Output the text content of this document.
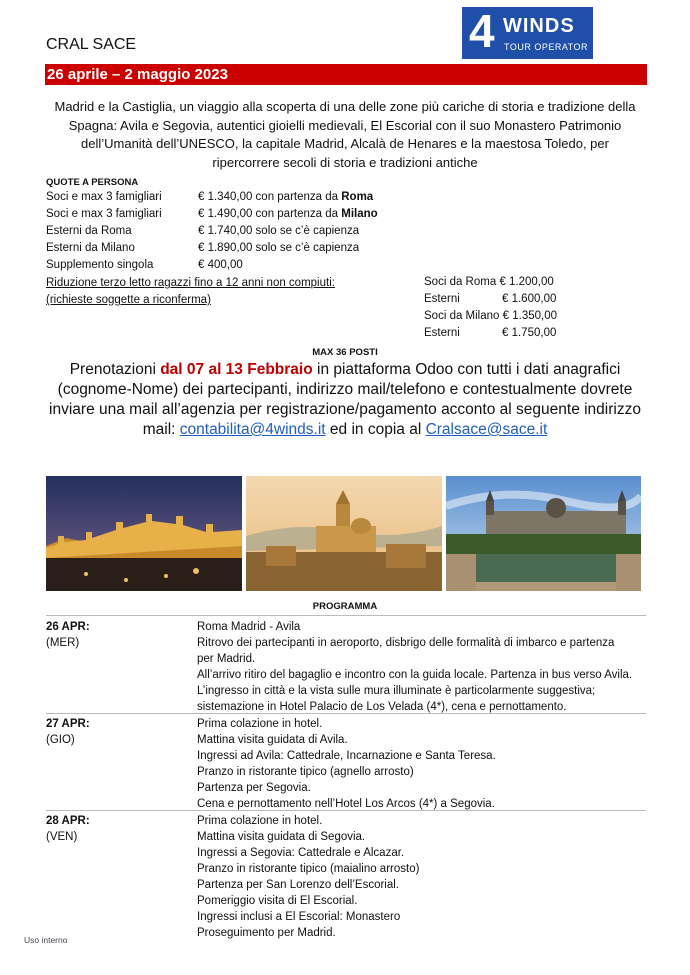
CRAL SACE	4 WINDS
TOUR OPERATOR
26 aprile – 2 maggio 2023
Madrid e la Castiglia, un viaggio alla scoperta di una delle zone più cariche di storia e tradizione della Spagna: Avila e Segovia, autentici gioielli medievali, El Escorial con il suo Monastero Patrimonio dell’Umanità dell’UNESCO, la capitale Madrid, Alcalà de Henares e la maestosa Toledo, per ripercorrere secoli di storia e tradizioni antiche
QUOTE A PERSONA
Soci e max 3 famigliari	€ 1.340,00 con partenza da Roma
Soci e max 3 famigliari	€ 1.490,00 con partenza da Milano
Esterni da Roma	€ 1.740,00 solo se c’è capienza
Esterni da Milano	€ 1.890,00 solo se c’è capienza
Supplemento singola	€ 400,00
Riduzione terzo letto ragazzi fino a 12 anni non compiuti:
(richieste soggette a riconferma)
Soci da Roma € 1.200,00
Esterni	€ 1.600,00
Soci da Milano € 1.350,00
Esterni	€ 1.750,00
MAX 36 POSTI
Prenotazioni dal 07 al 13 Febbraio in piattaforma Odoo con tutti i dati anagrafici (cognome-Nome) dei partecipanti, indirizzo mail/telefono e contestualmente dovrete inviare una mail all’agenzia per registrazione/pagamento acconto al seguente indirizzo mail: contabilita@4winds.it ed in copia al Cralsace@sace.it
PROGRAMMA
26 APR:
(MER)
Roma Madrid - Avila
Ritrovo dei partecipanti in aeroporto, disbrigo delle formalità di imbarco e partenza
per Madrid.
All’arrivo ritiro del bagaglio e incontro con la guida locale. Partenza in bus verso Avila.
L’ingresso in città e la vista sulle mura illuminate è particolarmente suggestiva;
sistemazione in Hotel Palacio de Los Velada (4*), cena e pernottamento.
27 APR:
(GIO)
Prima colazione in hotel.
Mattina visita guidata di Avila.
Ingressi ad Avila: Cattedrale, Incarnazione e Santa Teresa.
Pranzo in ristorante tipico (agnello arrosto)
Partenza per Segovia.
Cena e pernottamento nell’Hotel Los Arcos (4*) a Segovia.
28 APR:
(VEN)
Prima colazione in hotel.
Mattina visita guidata di Segovia.
Ingressi a Segovia: Cattedrale e Alcazar.
Pranzo in ristorante tipico (maialino arrosto)
Partenza per San Lorenzo dell’Escorial.
Pomeriggio visita di El Escorial.
Ingressi inclusi a El Escorial: Monastero
Proseguimento per Madrid.
Uso interno
